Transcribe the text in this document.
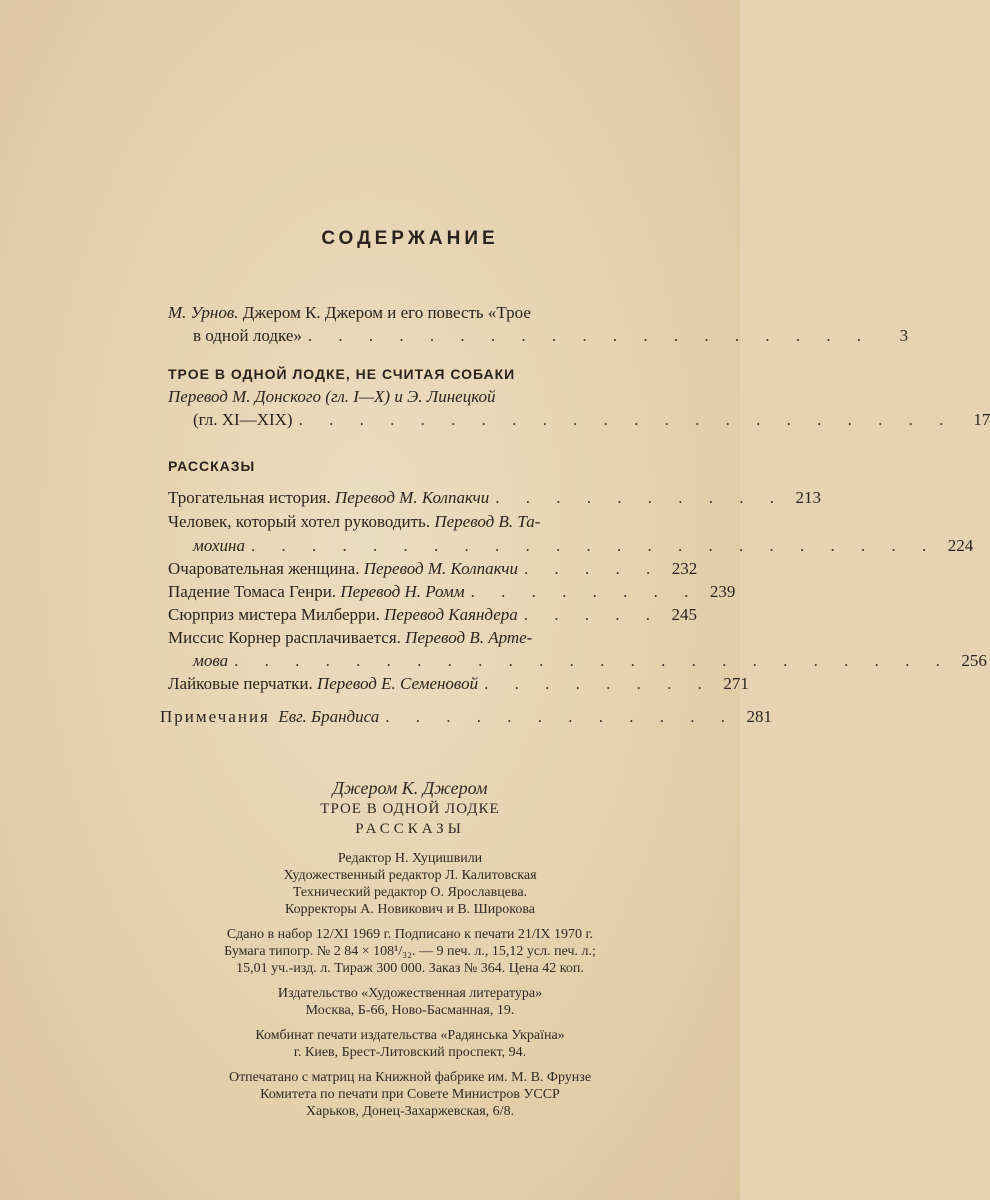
СОДЕРЖАНИЕ
М. Урнов. Джером К. Джером и его повесть «Трое
в одной лодке» . . . . . . . . . . . . . . . . . . .	3
ТРОЕ В ОДНОЙ ЛОДКЕ, НЕ СЧИТАЯ СОБАКИ
Перевод М. Донского (гл. I—X) и Э. Линецкой
(гл. XI—XIX) . . . . . . . . . . . . . . . . . . . . . .	17
РАССКАЗЫ
Трогательная история.
Перевод М. Колпакчи . . . . . . . . . . 213
Человек, который хотел руководить. Перевод В. Та-
мохина . . . . . . . . . . . . . . . . . . . . . . . 224
Очаровательная женщина.
Перевод М. Колпакчи . . . . . 232
Падение Томаса Генри.
Перевод Н. Ромм . . . . . . . . 239
Сюрприз мистера Милберри.
Перевод Каяндера . . . . . 245
Миссис Корнер расплачивается. Перевод В. Арте-
мова . . . . . . . . . . . . . . . . . . . . . . . . 256
Лайковые перчатки.
Перевод Е. Семеновой . . . . . . . . 271
Примечания
Евг. Брандиса . . . . . . . . . . . . 281
Джером К. Джером
ТРОЕ В ОДНОЙ ЛОДКЕ
РАССКАЗЫ
Редактор Н. Хуцишвили
Художественный редактор Л. Калитовская
Технический редактор О. Ярославцева.
Корректоры А. Новикович и В. Широкова
Сдано в набор 12/XI 1969 г. Подписано к печати 21/IX 1970 г.
Бумага типогр. № 2 84 × 108¹/₃₂. — 9 печ. л., 15,12 усл. печ. л.;
15,01 уч.-изд. л. Тираж 300 000. Заказ № 364. Цена 42 коп.
Издательство «Художественная литература»
Москва, Б-66, Ново-Басманная, 19.
Комбинат печати издательства «Радянська Україна»
г. Киев, Брест-Литовский проспект, 94.
Отпечатано с матриц на Книжной фабрике им. М. В. Фрунзе
Комитета по печати при Совете Министров УССР
Харьков, Донец-Захаржевская, 6/8.
